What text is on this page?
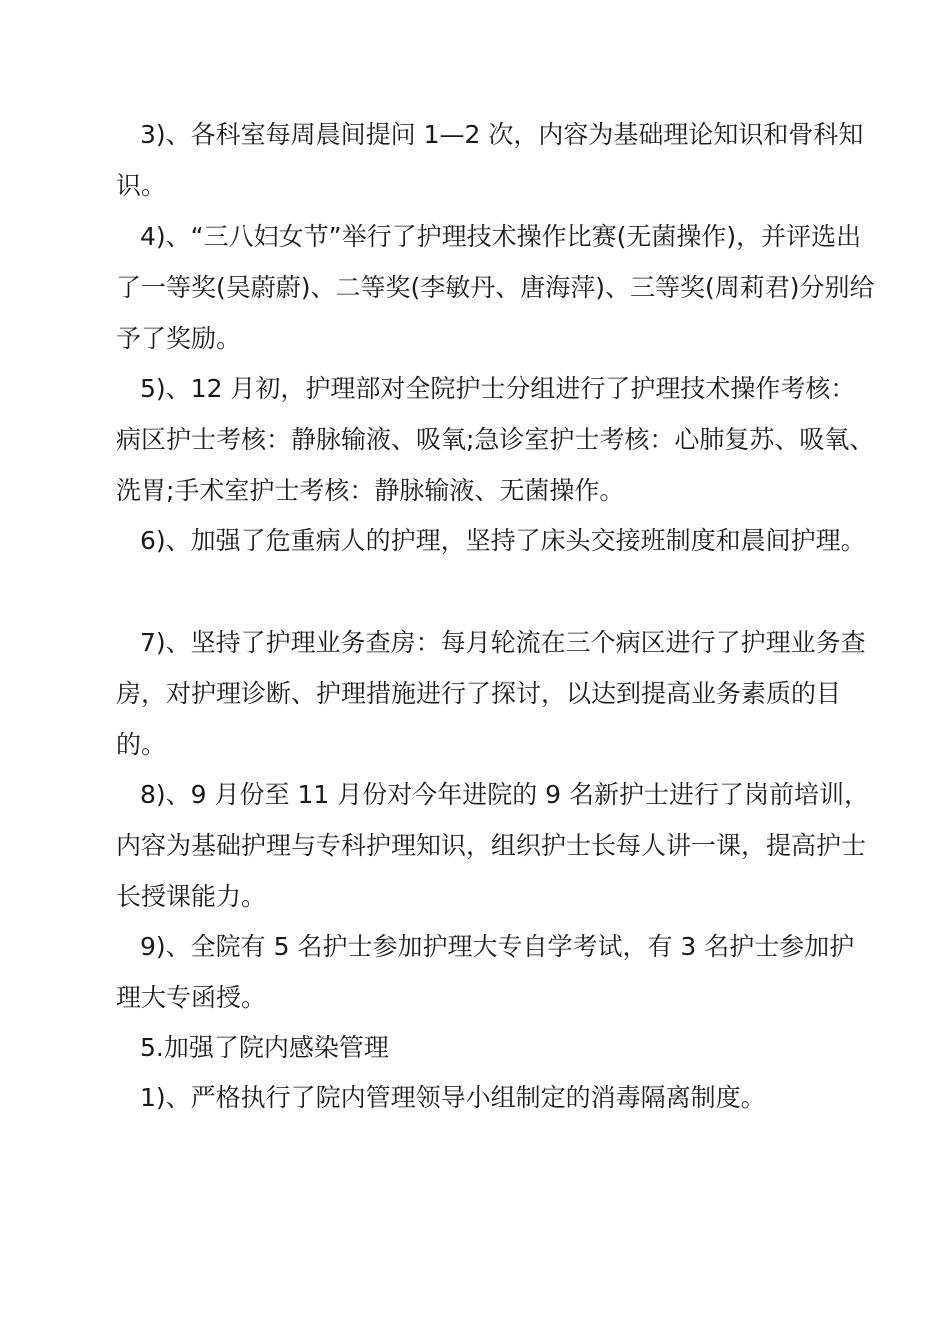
3)、各科室每周晨间提问 1—2 次，内容为基础理论知识和骨科知识。

4)、“三八妇女节”举行了护理技术操作比赛(无菌操作)，并评选出了一等奖(吴蔚蔚)、二等奖(李敏丹、唐海萍)、三等奖(周莉君)分别给予了奖励。

5)、12 月初，护理部对全院护士分组进行了护理技术操作考核：病区护士考核：静脉输液、吸氧;急诊室护士考核：心肺复苏、吸氧、洗胃;手术室护士考核：静脉输液、无菌操作。

6)、加强了危重病人的护理，坚持了床头交接班制度和晨间护理。

7)、坚持了护理业务查房：每月轮流在三个病区进行了护理业务查房，对护理诊断、护理措施进行了探讨，以达到提高业务素质的目的。

8)、9 月份至 11 月份对今年进院的 9 名新护士进行了岗前培训，内容为基础护理与专科护理知识，组织护士长每人讲一课，提高护士长授课能力。

9)、全院有 5 名护士参加护理大专自学考试，有 3 名护士参加护理大专函授。

5.加强了院内感染管理

1)、严格执行了院内管理领导小组制定的消毒隔离制度。
